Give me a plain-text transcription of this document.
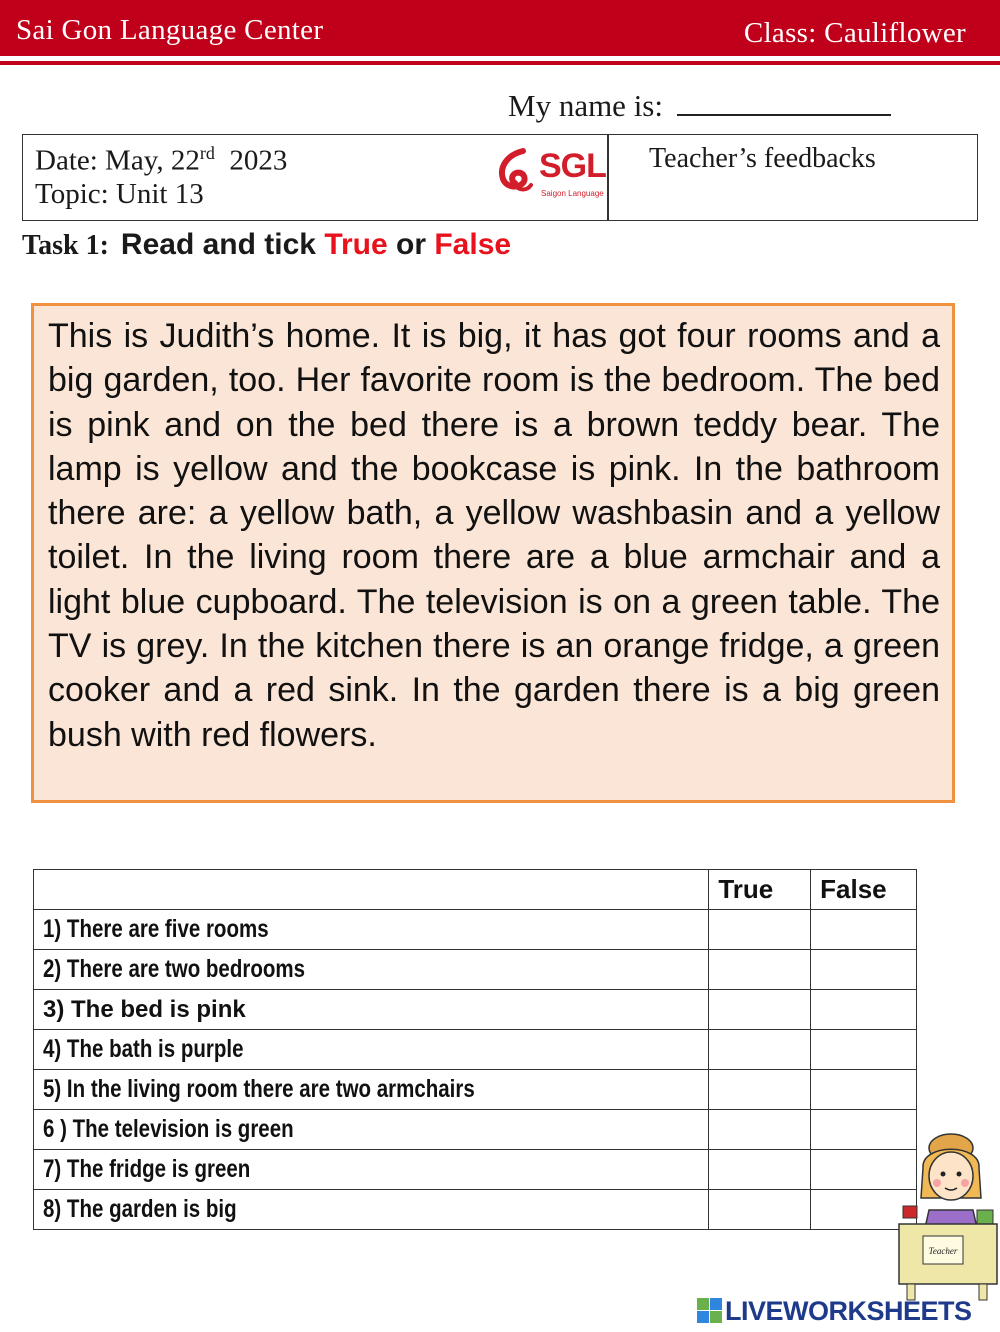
Sai Gon Language Center	Class: Cauliflower
My name is:
Date: May, 22rd 2023
Topic: Unit 13
SGL
Saigon Language
Teacher’s feedbacks
Task 1: Read and tick True or False

This is Judith’s home. It is big, it has got four rooms and a big garden, too. Her favorite room is the bedroom. The bed is pink and on the bed there is a brown teddy bear. The lamp is yellow and the bookcase is pink. In the bathroom there are: a yellow bath, a yellow washbasin and a yellow toilet. In the living room there are a blue armchair and a light blue cupboard. The television is on a green table. The TV is grey. In the kitchen there is an orange fridge, a green cooker and a red sink. In the garden there is a big green bush with red flowers.

	True	False
1) There are five rooms		
2) There are two bedrooms		
3) The bed is pink		
4) The bath is purple		
5) In the living room there are two armchairs		
6 ) The television is green		
7) The fridge is green		
8) The garden is big		
Teacher
LIVEWORKSHEETS
